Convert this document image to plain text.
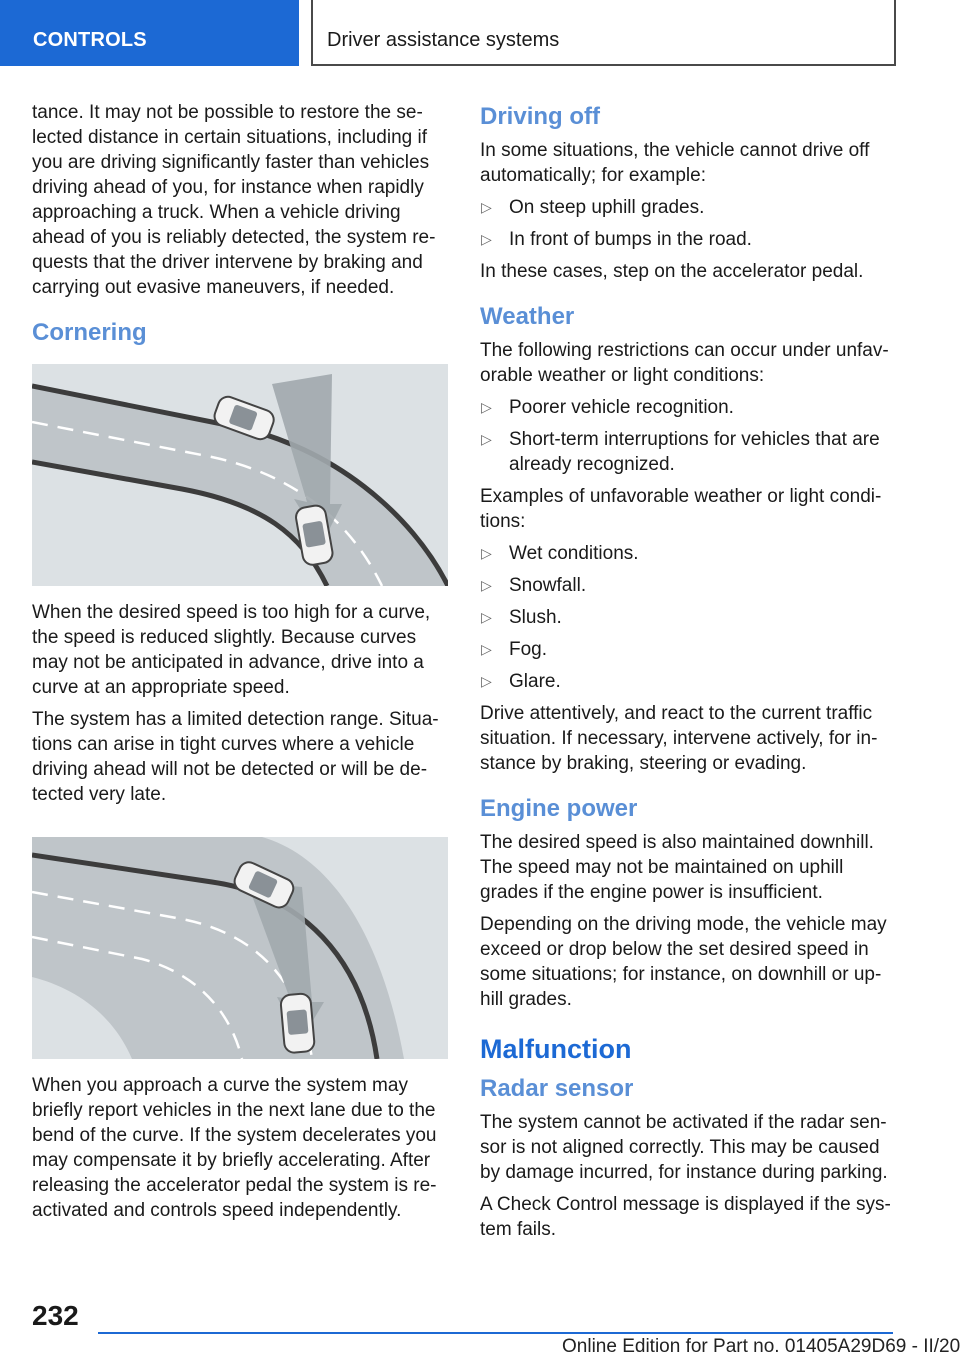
CONTROLS	Driver assistance systems

tance. It may not be possible to restore the selected distance in certain situations, including if you are driving significantly faster than vehicles driving ahead of you, for instance when rapidly approaching a truck. When a vehicle driving ahead of you is reliably detected, the system requests that the driver intervene by braking and carrying out evasive maneuvers, if needed.

Cornering

When the desired speed is too high for a curve, the speed is reduced slightly. Because curves may not be anticipated in advance, drive into a curve at an appropriate speed.

The system has a limited detection range. Situations can arise in tight curves where a vehicle driving ahead will not be detected or will be detected very late.

When you approach a curve the system may briefly report vehicles in the next lane due to the bend of the curve. If the system decelerates you may compensate it by briefly accelerating. After releasing the accelerator pedal the system is reactivated and controls speed independently.

Driving off

In some situations, the vehicle cannot drive off automatically; for example:

▷ On steep uphill grades.
▷ In front of bumps in the road.

In these cases, step on the accelerator pedal.

Weather

The following restrictions can occur under unfavorable weather or light conditions:

▷ Poorer vehicle recognition.
▷ Short-term interruptions for vehicles that are already recognized.

Examples of unfavorable weather or light conditions:

▷ Wet conditions.
▷ Snowfall.
▷ Slush.
▷ Fog.
▷ Glare.

Drive attentively, and react to the current traffic situation. If necessary, intervene actively, for instance by braking, steering or evading.

Engine power

The desired speed is also maintained downhill. The speed may not be maintained on uphill grades if the engine power is insufficient.

Depending on the driving mode, the vehicle may exceed or drop below the set desired speed in some situations; for instance, on downhill or uphill grades.

Malfunction
Radar sensor

The system cannot be activated if the radar sensor is not aligned correctly. This may be caused by damage incurred, for instance during parking.

A Check Control message is displayed if the system fails.

232
Online Edition for Part no. 01405A29D69 - II/20
